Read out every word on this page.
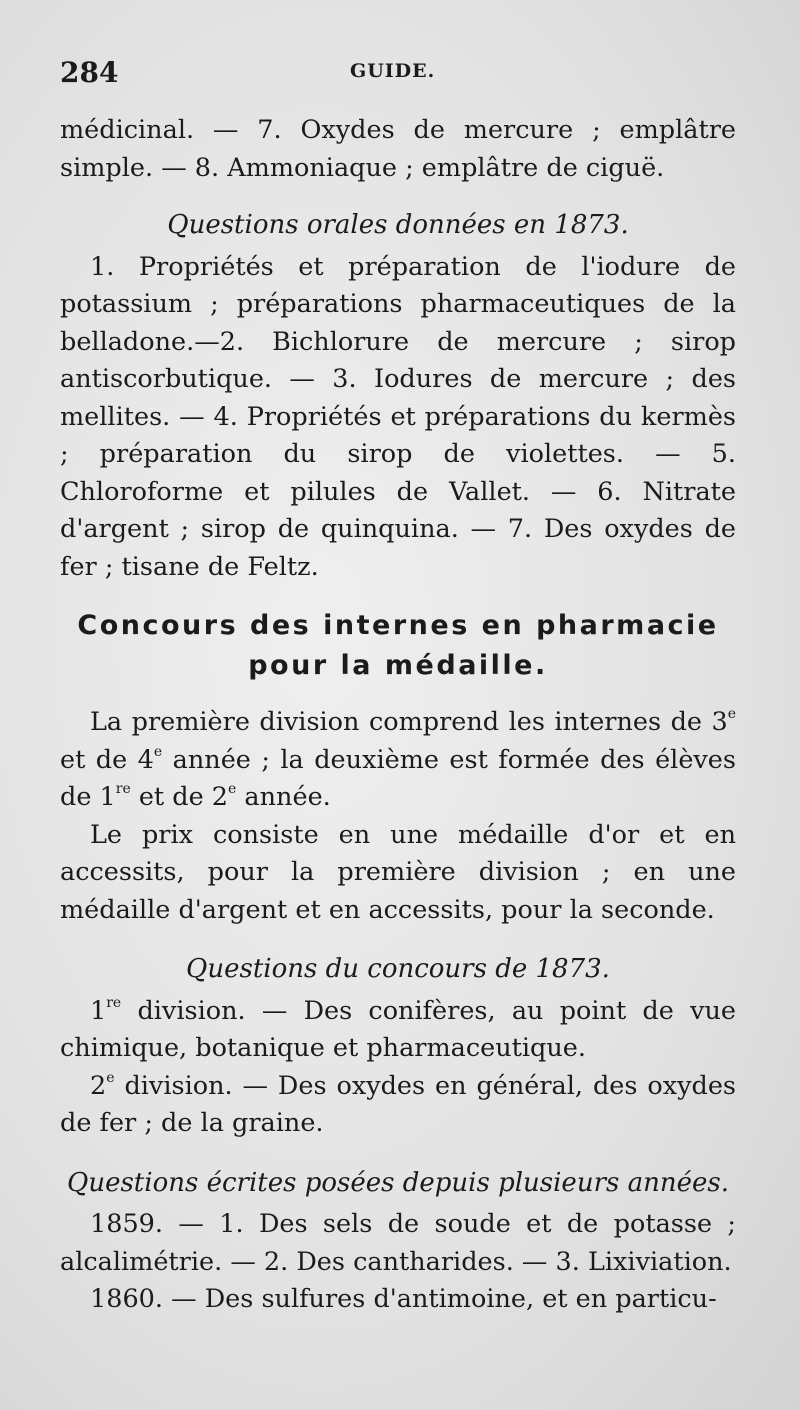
284	GUIDE.

médicinal. — 7. Oxydes de mercure ; emplâtre simple. — 8. Ammoniaque ; emplâtre de ciguë.

Questions orales données en 1873.

1. Propriétés et préparation de l'iodure de potassium ; préparations pharmaceutiques de la belladone.—2. Bichlorure de mercure ; sirop antiscorbutique. — 3. Iodures de mercure ; des mellites. — 4. Propriétés et préparations du kermès ; préparation du sirop de violettes. — 5. Chloroforme et pilules de Vallet. — 6. Nitrate d'argent ; sirop de quinquina. — 7. Des oxydes de fer ; tisane de Feltz.

Concours des internes en pharmacie pour la médaille.

La première division comprend les internes de 3e et de 4e année ; la deuxième est formée des élèves de 1re et de 2e année.

Le prix consiste en une médaille d'or et en accessits, pour la première division ; en une médaille d'argent et en accessits, pour la seconde.

Questions du concours de 1873.

1re division. — Des conifères, au point de vue chimique, botanique et pharmaceutique.

2e division. — Des oxydes en général, des oxydes de fer ; de la graine.

Questions écrites posées depuis plusieurs années.

1859. — 1. Des sels de soude et de potasse ; alcalimétrie. — 2. Des cantharides. — 3. Lixiviation.

1860. — Des sulfures d'antimoine, et en particu-
